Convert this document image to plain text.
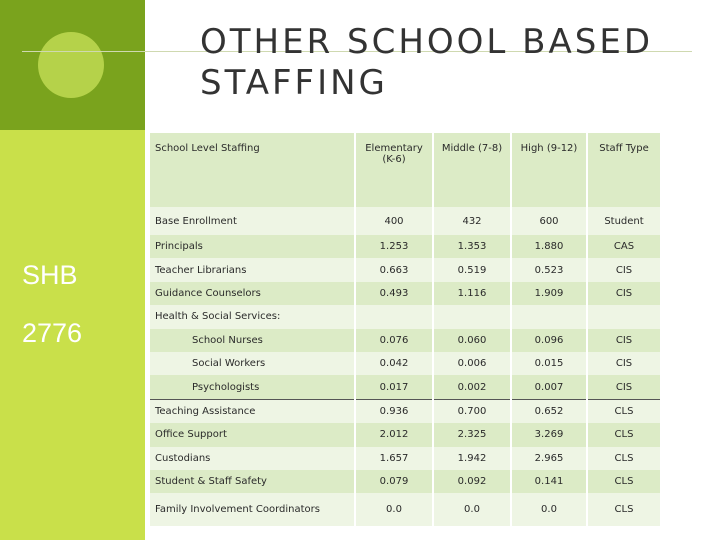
OTHER SCHOOL BASED
STAFFING
SHB
2776
School Level Staffing	Elementary (K-6)	Middle (7-8)	High (9-12)	Staff Type
Base Enrollment	400	432	600	Student
Principals	1.253	1.353	1.880	CAS
Teacher Librarians	0.663	0.519	0.523	CIS
Guidance Counselors	0.493	1.116	1.909	CIS
Health & Social Services:				
School Nurses	0.076	0.060	0.096	CIS
Social Workers	0.042	0.006	0.015	CIS
Psychologists	0.017	0.002	0.007	CIS
Teaching Assistance	0.936	0.700	0.652	CLS
Office Support	2.012	2.325	3.269	CLS
Custodians	1.657	1.942	2.965	CLS
Student & Staff Safety	0.079	0.092	0.141	CLS
Family Involvement Coordinators	0.0	0.0	0.0	CLS
